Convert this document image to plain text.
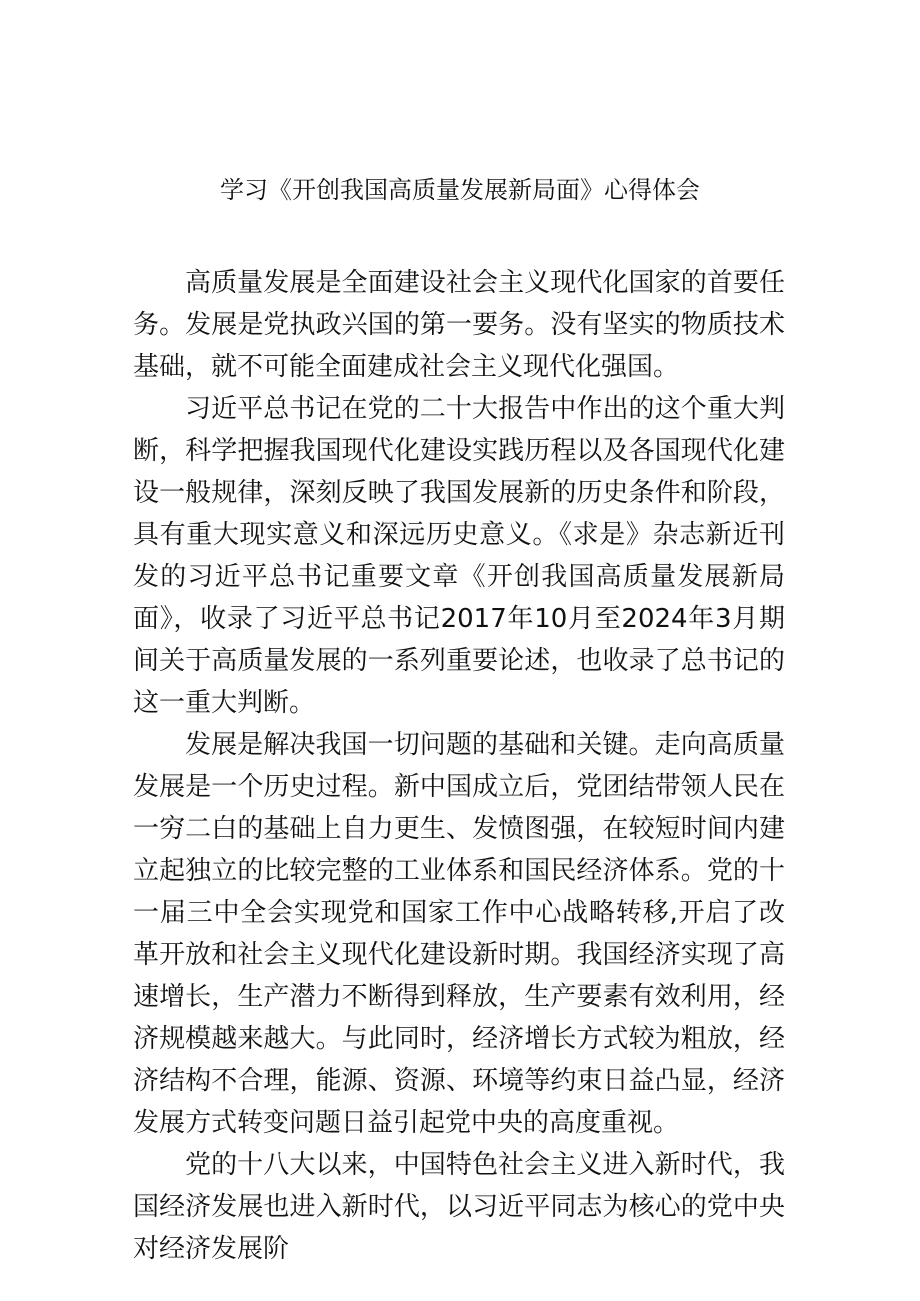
学习《开创我国高质量发展新局面》心得体会

高质量发展是全面建设社会主义现代化国家的首要任务。发展是党执政兴国的第一要务。没有坚实的物质技术基础，就不可能全面建成社会主义现代化强国。

习近平总书记在党的二十大报告中作出的这个重大判断，科学把握我国现代化建设实践历程以及各国现代化建设一般规律，深刻反映了我国发展新的历史条件和阶段，具有重大现实意义和深远历史意义。《求是》杂志新近刊发的习近平总书记重要文章《开创我国高质量发展新局面》，收录了习近平总书记2017年10月至2024年3月期间关于高质量发展的一系列重要论述，也收录了总书记的这一重大判断。

发展是解决我国一切问题的基础和关键。走向高质量发展是一个历史过程。新中国成立后，党团结带领人民在一穷二白的基础上自力更生、发愤图强，在较短时间内建立起独立的比较完整的工业体系和国民经济体系。党的十一届三中全会实现党和国家工作中心战略转移,开启了改革开放和社会主义现代化建设新时期。我国经济实现了高速增长，生产潜力不断得到释放，生产要素有效利用，经济规模越来越大。与此同时，经济增长方式较为粗放，经济结构不合理，能源、资源、环境等约束日益凸显，经济发展方式转变问题日益引起党中央的高度重视。

党的十八大以来，中国特色社会主义进入新时代，我国经济发展也进入新时代，以习近平同志为核心的党中央对经济发展阶
